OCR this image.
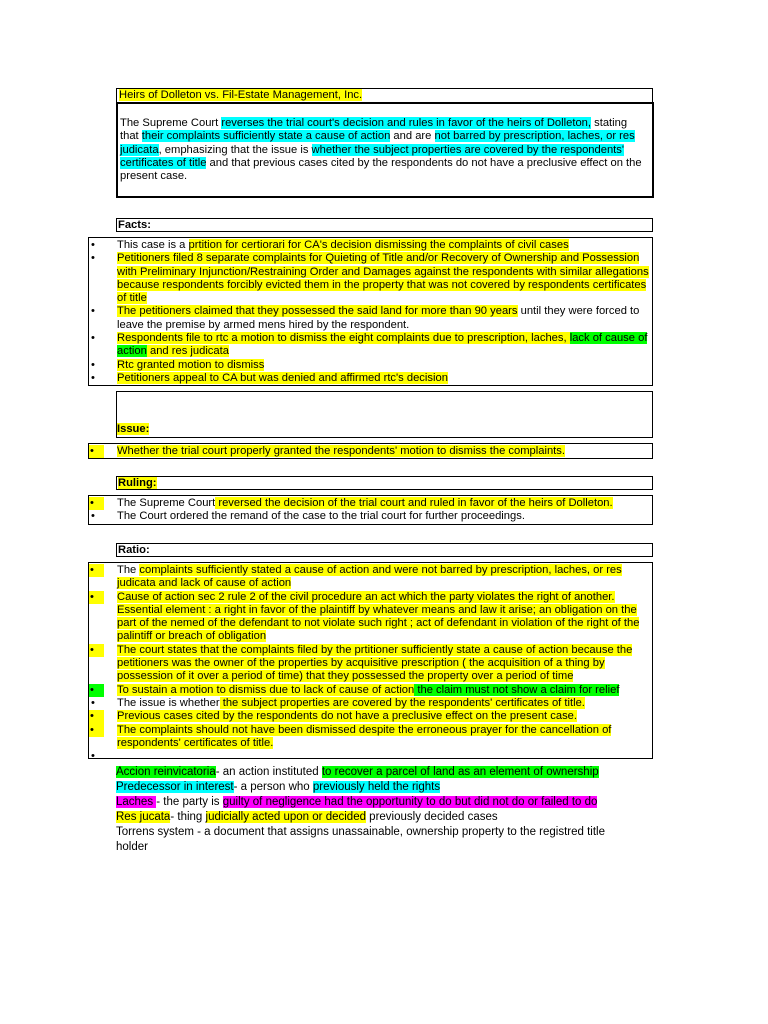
Heirs of Dolleton vs. Fil-Estate Management, Inc.
The Supreme Court reverses the trial court's decision and rules in favor of the heirs of Dolleton, stating that their complaints sufficiently state a cause of action and are not barred by prescription, laches, or res judicata, emphasizing that the issue is whether the subject properties are covered by the respondents' certificates of title and that previous cases cited by the respondents do not have a preclusive effect on the present case.
Facts:
• This case is a prtition for certiorari for CA's decision dismissing the complaints of civil cases
• Petitioners filed 8 separate complaints for Quieting of Title and/or Recovery of Ownership and Possession with Preliminary Injunction/Restraining Order and Damages against the respondents with similar allegations because respondents forcibly evicted them in the property that was not covered by respondents certificates of title
• The petitioners claimed that they possessed the said land for more than 90 years until they were forced to leave the premise by armed mens hired by the respondent.
• Respondents file to rtc a motion to dismiss the eight complaints due to prescription, laches, lack of cause of action and res judicata
• Rtc granted motion to dismiss
• Petitioners appeal to CA but was denied and affirmed rtc's decision
Issue:
• Whether the trial court properly granted the respondents' motion to dismiss the complaints.
Ruling:
• The Supreme Court reversed the decision of the trial court and ruled in favor of the heirs of Dolleton.
• The Court ordered the remand of the case to the trial court for further proceedings.
Ratio:
• The complaints sufficiently stated a cause of action and were not barred by prescription, laches, or res judicata and lack of cause of action
• Cause of action sec 2 rule 2 of the civil procedure an act which the party violates the right of another. Essential element : a right in favor of the plaintiff by whatever means and law it arise; an obligation on the part of the nemed of the defendant to not violate such right ; act of defendant in violation of the right of the palintiff or breach of obligation
• The court states that the complaints filed by the prtitioner sufficiently state a cause of action because the petitioners was the owner of the properties by acquisitive prescription ( the acquisition of a thing by possession of it over a period of time) that they possessed the property over a period of time
• To sustain a motion to dismiss due to lack of cause of action the claim must not show a claim for relief
• The issue is whether the subject properties are covered by the respondents' certificates of title.
• Previous cases cited by the respondents do not have a preclusive effect on the present case.
• The complaints should not have been dismissed despite the erroneous prayer for the cancellation of respondents' certificates of title.
•

Accion reinvicatoria- an action instituted to recover a parcel of land as an element of ownership

Predecessor in interest- a person who previously held the rights

Laches - the party is guilty of negligence had the opportunity to do but did not do or failed to do

Res jucata- thing judicially acted upon or decided previously decided cases

Torrens system - a document that assigns unassainable, ownership property to the registred title holder
